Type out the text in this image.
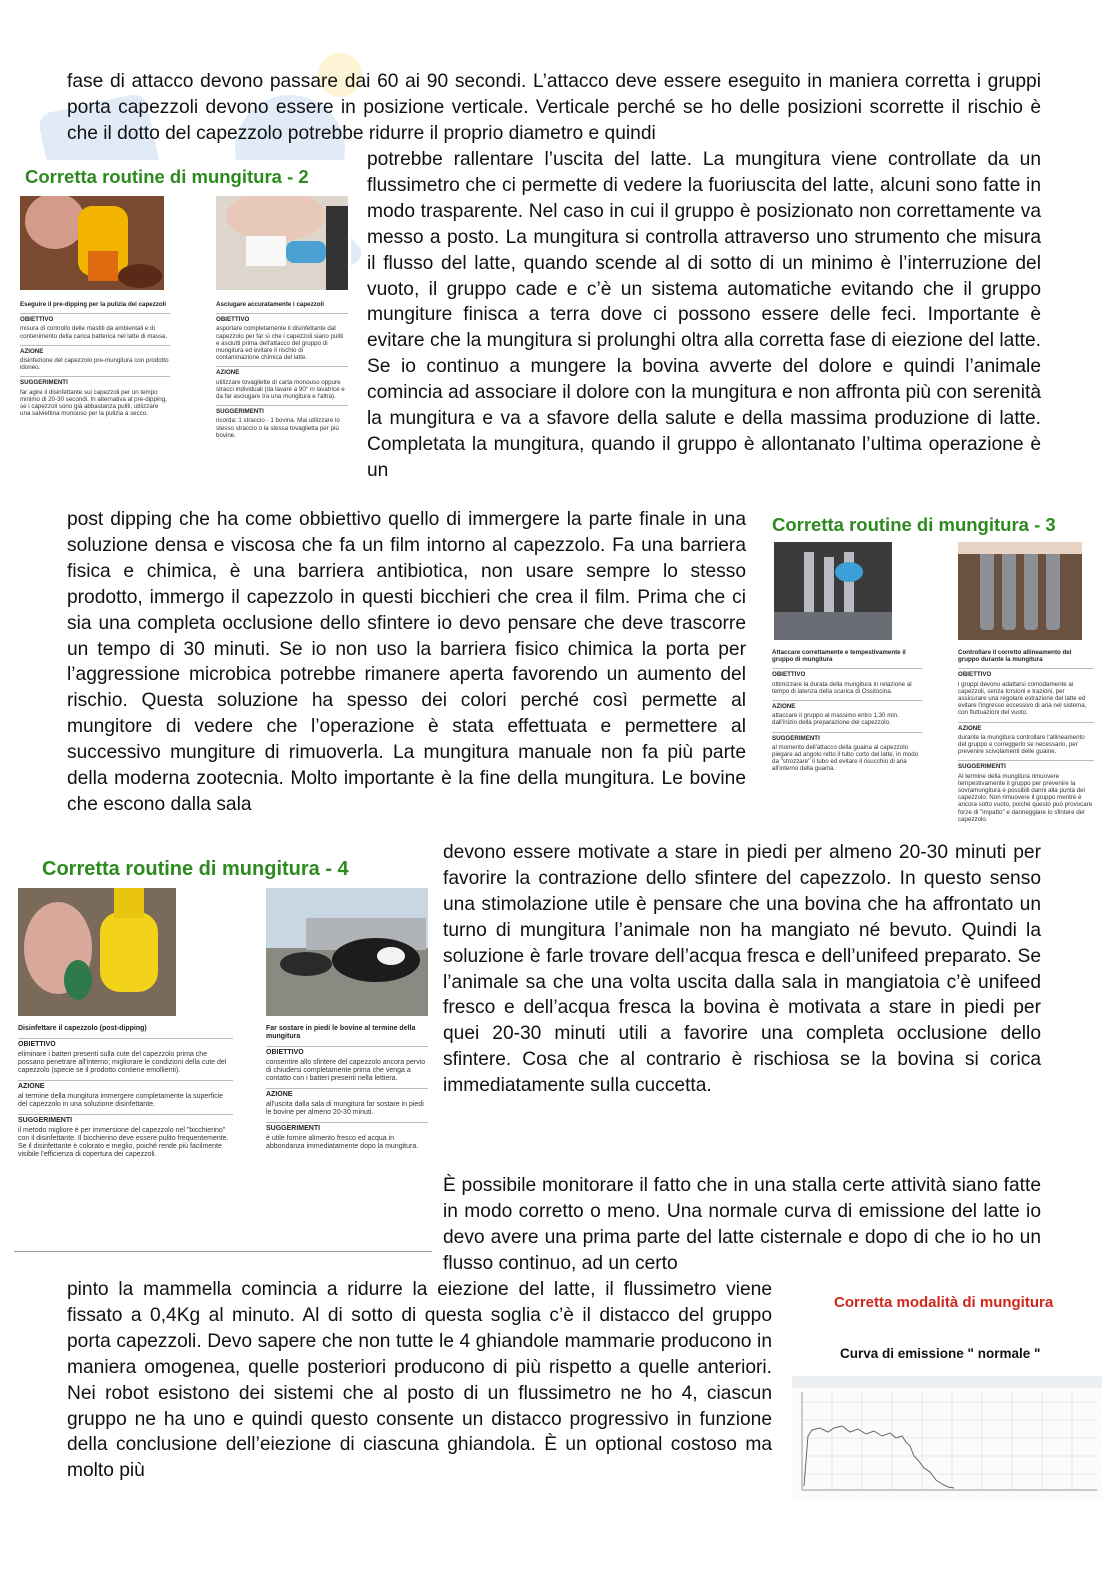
fase di attacco devono passare dai 60 ai 90 secondi. L’attacco deve essere eseguito in maniera corretta i gruppi porta capezzoli devono essere in posizione verticale. Verticale perché se ho delle posizioni scorrette il rischio è che il dotto del capezzolo potrebbe ridurre il proprio diametro e quindi

Corretta routine di mungitura - 2
Eseguire il pre-dipping per la pulizia dei capezzoli
OBIETTIVO
misura di controllo delle mastiti da ambientali e di contenimento della carica batterica nel latte di massa.
AZIONE
disinfezione del capezzolo pre-mungitura con prodotto idoneo.
SUGGERIMENTI
far agire il disinfettante sui capezzoli per un tempo minimo di 20-30 secondi. In alternativa al pre-dipping, se i capezzoli sono già abbastanza puliti, utilizzare una salviettina monouso per la pulizia a secco.
Asciugare accuratamente i capezzoli
OBIETTIVO
asportare completamente il disinfettante dal capezzolo per far sì che i capezzoli siano puliti e asciutti prima dell'attacco del gruppo di mungitura ed evitare il rischio di contaminazione chimica del latte.
AZIONE
utilizzare tovagliette di carta monouso oppure stracci individuali (da lavare a 90° in lavatrice e da far asciugare tra una mungitura e l'altra).
SUGGERIMENTI
ricorda: 1 straccio - 1 bovina. Mai utilizzare lo stesso straccio o la stessa tovaglietta per più bovine.

potrebbe rallentare l’uscita del latte. La mungitura viene controllate da un flussimetro che ci permette di vedere la fuoriuscita del latte, alcuni sono fatte in modo trasparente. Nel caso in cui il gruppo è posizionato non correttamente va messo a posto. La mungitura si controlla attraverso uno strumento che misura il flusso del latte, quando scende al di sotto di un minimo è l’interruzione del vuoto, il gruppo cade e c’è un sistema automatiche evitando che il gruppo mungiture finisca a terra dove ci possono essere delle feci. Importante è evitare che la mungitura si prolunghi oltra alla corretta fase di eiezione del latte. Se io continuo a mungere la bovina avverte del dolore e quindi l’animale comincia ad associare il dolore con la mungitura e non affronta più con serenità la mungitura e va a sfavore della salute e della massima produzione di latte. Completata la mungitura, quando il gruppo è allontanato l’ultima operazione è un

post dipping che ha come obbiettivo quello di immergere la parte finale in una soluzione densa e viscosa che fa un film intorno al capezzolo. Fa una barriera fisica e chimica, è una barriera antibiotica, non usare sempre lo stesso prodotto, immergo il capezzolo in questi bicchieri che crea il film. Prima che ci sia una completa occlusione dello sfintere io devo pensare che deve trascorre un tempo di 30 minuti. Se io non uso la barriera fisico chimica la porta per l’aggressione microbica potrebbe rimanere aperta favorendo un aumento del rischio. Questa soluzione ha spesso dei colori perché così permette al mungitore di vedere che l’operazione è stata effettuata e permettere al successivo mungiture di rimuoverla. La mungitura manuale non fa più parte della moderna zootecnia. Molto importante è la fine della mungitura. Le bovine che escono dalla sala

Corretta routine di mungitura - 3
Attaccare correttamente e tempestivamente il gruppo di mungitura
OBIETTIVO
ottimizzare la durata della mungitura in relazione al tempo di latenza della scarica di Ossitocina.
AZIONE
attaccare il gruppo al massimo entro 1,30 min. dall'inizio della preparazione del capezzolo.
SUGGERIMENTI
al momento dell'attacco della guaina al capezzolo piegare ad angolo retto il tubo corto del latte, in modo da "strozzare" il tubo ed evitare il risucchio di aria all'interno della guaina.
Controllare il corretto allineamento del gruppo durante la mungitura
OBIETTIVO
i gruppi devono adattarsi comodamente ai capezzoli, senza torsioni e trazioni, per assicurare una regolare estrazione del latte ed evitare l'ingresso eccessivo di aria nel sistema, con fluttuazioni del vuoto.
AZIONE
durante la mungitura controllare l'allineamento del gruppo e correggerlo se necessario, per prevenire scivolamenti delle guaine.
SUGGERIMENTI
Al termine della mungitura rimuovere tempestivamente il gruppo per prevenire la sovramungitura e possibili danni alla punta del capezzolo. Non rimuovere il gruppo mentre è ancora sotto vuoto, poiché questo può provocare forze di "impatto" e danneggiare lo sfintere del capezzolo.
Corretta routine di mungitura - 4
Disinfettare il capezzolo (post-dipping)
OBIETTIVO
eliminare i batteri presenti sulla cute del capezzolo prima che possano penetrare all'interno; migliorare le condizioni della cute del capezzolo (specie se il prodotto contiene emollienti).
AZIONE
al termine della mungitura immergere completamente la superficie del capezzolo in una soluzione disinfettante.
SUGGERIMENTI
il metodo migliore è per immersione del capezzolo nel "bicchierino" con il disinfettante. Il bicchierino deve essere pulito frequentemente. Se il disinfettante è colorato e meglio, poiché rende più facilmente visibile l'efficienza di copertura dei capezzoli.
Far sostare in piedi le bovine al termine della mungitura
OBIETTIVO
consentire allo sfintere del capezzolo ancora pervio di chiudersi completamente prima che venga a contatto con i batteri presenti nella lettiera.
AZIONE
all'uscita dalla sala di mungitura far sostare in piedi le bovine per almeno 20-30 minuti.
SUGGERIMENTI
è utile fornire alimento fresco ed acqua in abbondanza immediatamente dopo la mungitura.

devono essere motivate a stare in piedi per almeno 20-30 minuti per favorire la contrazione dello sfintere del capezzolo. In questo senso una stimolazione utile è pensare che una bovina che ha affrontato un turno di mungitura l’animale non ha mangiato né bevuto. Quindi la soluzione è farle trovare dell’acqua fresca e dell’unifeed preparato. Se l’animale sa che una volta uscita dalla sala in mangiatoia c’è unifeed fresco e dell’acqua fresca la bovina è motivata a stare in piedi per quei 20-30 minuti utili a favorire una completa occlusione dello sfintere. Cosa che al contrario è rischiosa se la bovina si corica immediatamente sulla cuccetta.

È possibile monitorare il fatto che in una stalla certe attività siano fatte in modo corretto o meno. Una normale curva di emissione del latte io devo avere una prima parte del latte cisternale e dopo di che io ho un flusso continuo, ad un certo

pinto la mammella comincia a ridurre la eiezione del latte, il flussimetro viene fissato a 0,4Kg al minuto. Al di sotto di questa soglia c’è il distacco del gruppo porta capezzoli. Devo sapere che non tutte le 4 ghiandole mammarie producono in maniera omogenea, quelle posteriori producono di più rispetto a quelle anteriori. Nei robot esistono dei sistemi che al posto di un flussimetro ne ho 4, ciascun gruppo ne ha uno e quindi questo consente un distacco progressivo in funzione della conclusione dell’eiezione di ciascuna ghiandola. È un optional costoso ma molto più

Corretta modalità di mungitura
Curva di emissione " normale "
